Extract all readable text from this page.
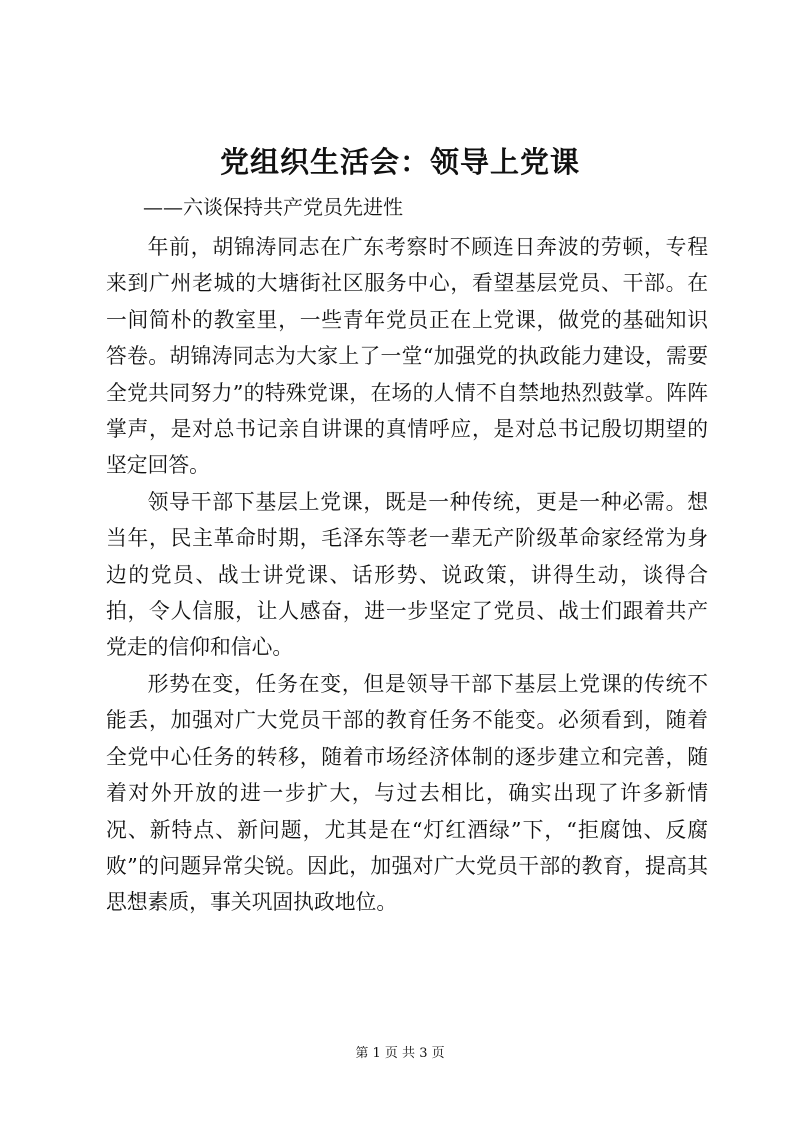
党组织生活会：领导上党课

——六谈保持共产党员先进性

年前，胡锦涛同志在广东考察时不顾连日奔波的劳顿，专程来到广州老城的大塘街社区服务中心，看望基层党员、干部。在一间简朴的教室里，一些青年党员正在上党课，做党的基础知识答卷。胡锦涛同志为大家上了一堂“加强党的执政能力建设，需要全党共同努力”的特殊党课，在场的人情不自禁地热烈鼓掌。阵阵掌声，是对总书记亲自讲课的真情呼应，是对总书记殷切期望的坚定回答。

领导干部下基层上党课，既是一种传统，更是一种必需。想当年，民主革命时期，毛泽东等老一辈无产阶级革命家经常为身边的党员、战士讲党课、话形势、说政策，讲得生动，谈得合拍，令人信服，让人感奋，进一步坚定了党员、战士们跟着共产党走的信仰和信心。

形势在变，任务在变，但是领导干部下基层上党课的传统不能丢，加强对广大党员干部的教育任务不能变。必须看到，随着全党中心任务的转移，随着市场经济体制的逐步建立和完善，随着对外开放的进一步扩大，与过去相比，确实出现了许多新情况、新特点、新问题，尤其是在“灯红酒绿”下，“拒腐蚀、反腐败”的问题异常尖锐。因此，加强对广大党员干部的教育，提高其思想素质，事关巩固执政地位。

第 1 页 共 3 页
